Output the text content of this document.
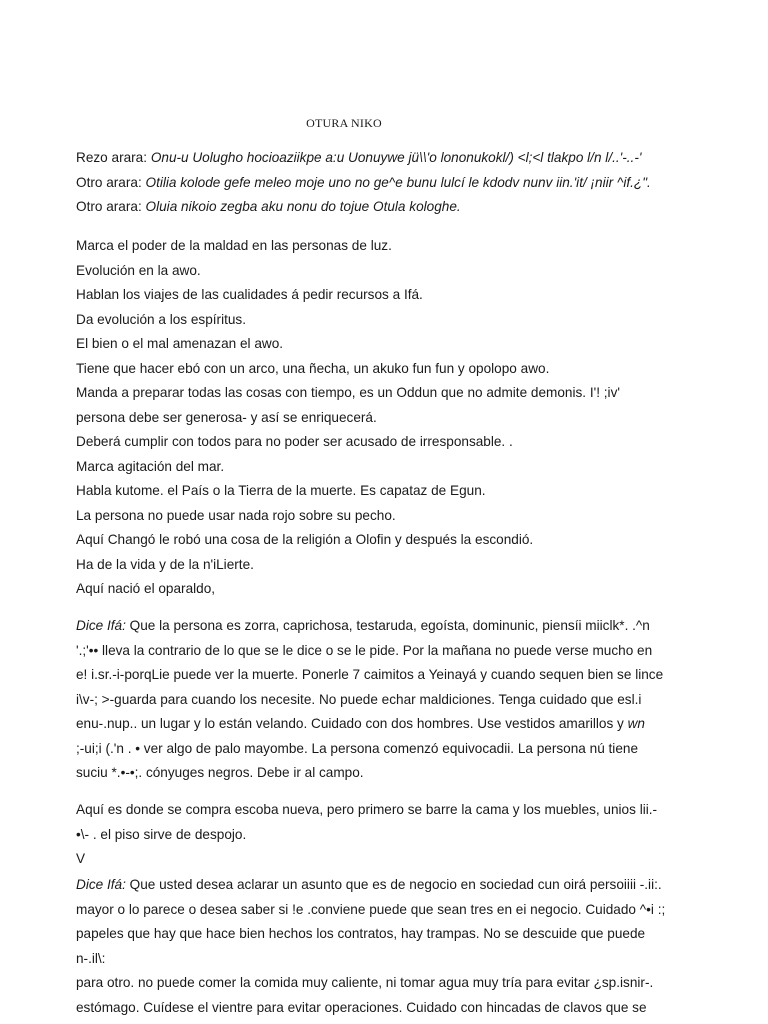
OTURA NIKO
Rezo arara: Onu-u Uolugho hocioaziikpe a:u Uonuywe jü\\'o lononukokl/) <l;<l tlakpo l/n l/..'-..-'
Otro arara: Otilia kolode gefe meleo moje uno no ge^e bunu lulcí le kdodv nunv iin.'it/ ¡niir ^if.¿".
Otro arara: Oluia nikoio zegba aku nonu do tojue Otula kologhe.
Marca el poder de la maldad en las personas de luz.
Evolución en la awo.
Hablan los viajes de las cualidades á pedir recursos a Ifá.
Da evolución a los espíritus.
El bien o el mal amenazan el awo.
Tiene que hacer ebó con un arco, una ñecha, un akuko fun fun y opolopo awo.
Manda a preparar todas las cosas con tiempo, es un Oddun que no admite demonis. I'! ;iv'
persona debe ser generosa- y así se enriquecerá.
Deberá cumplir con todos para no poder ser acusado de irresponsable. .
Marca agitación del mar.
Habla kutome. el País o la Tierra de la muerte. Es capataz de Egun.
La persona no puede usar nada rojo sobre su pecho.
Aquí Changó le robó una cosa de la religión a Olofin y después la escondió.
Ha de la vida y de la n'iLierte.
Aquí nació el oparaldo,
Dice Ifá: Que la persona es zorra, caprichosa, testaruda, egoísta, dominunic, piensíi miiclk*. .^n
'.;'•• lleva la contrario de lo que se le dice o se le pide. Por la mañana no puede verse mucho en
e! i.sr.-i-porqLie puede ver la muerte. Ponerle 7 caimitos a Yeinayá y cuando sequen bien se lince
i\v-; >-guarda para cuando los necesite. No puede echar maldiciones. Tenga cuidado que esl.i
enu-.nup.. un lugar y lo están velando. Cuidado con dos hombres. Use vestidos amarillos y wn
;-ui;i (.'n . • ver algo de palo mayombe. La persona comenzó equivocadii. La persona nú tiene
suciu *.•-•;. cónyuges negros. Debe ir al campo.
Aquí es donde se compra escoba nueva, pero primero se barre la cama y los muebles, unios lii.-
•\- . el piso sirve de despojo.
V
Dice Ifá: Que usted desea aclarar un asunto que es de negocio en sociedad cun oirá persoiiii -.ii:.
mayor o lo parece o desea saber si !e .conviene puede que sean tres en ei negocio. Cuidado ^•i :;
papeles que hay que hace bien hechos los contratos, hay trampas. No se descuide que puede
n-.il\:
para otro. no puede comer la comida muy caliente, ni tomar agua muy tría para evitar ¿sp.isnir-.
estómago. Cuídese el vientre para evitar operaciones. Cuidado con hincadas de clavos que se
